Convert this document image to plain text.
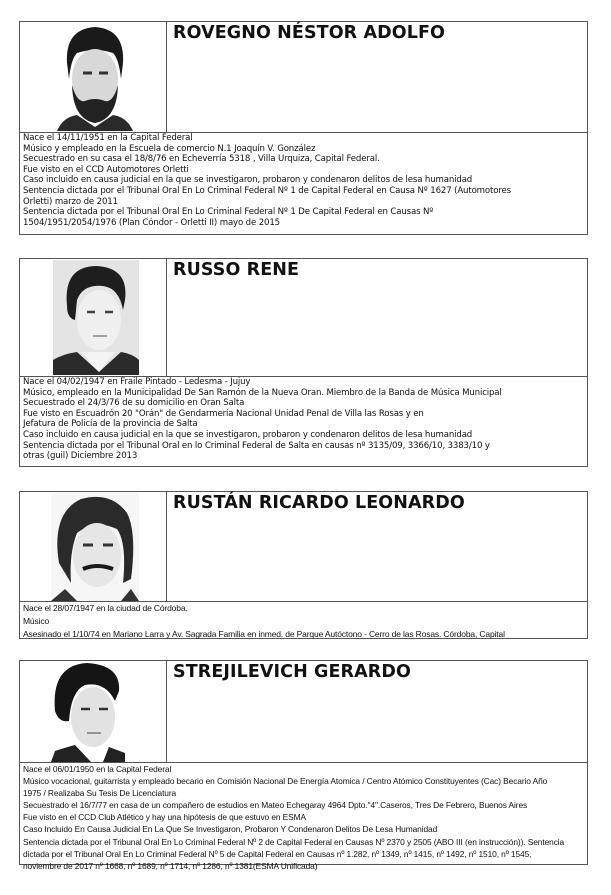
ROVEGNO NÉSTOR ADOLFO
Nace el 14/11/1951 en la Capital Federal
Músico y empleado en la Escuela de comercio N.1 Joaquín V. González
Secuestrado en su casa el 18/8/76 en Echeverría 5318 , Villa Urquiza, Capital Federal.
Fue visto en el CCD Automotores Orletti
Caso incluido en causa judicial en la que se investigaron, probaron y condenaron delitos de lesa humanidad
Sentencia dictada por el Tribunal Oral En Lo Criminal Federal Nº 1 de Capital Federal en Causa Nº 1627 (Automotores
Orletti) marzo de 2011
Sentencia dictada por el Tribunal Oral En Lo Criminal Federal Nº 1 De Capital Federal en Causas Nº
1504/1951/2054/1976 (Plan Cóndor - Orletti II) mayo de 2015
RUSSO RENE
Nace el 04/02/1947 en Fraile Pintado - Ledesma - Jujuy
Músico, empleado en la Municipalidad De San Ramón de la Nueva Oran. Miembro de la Banda de Música Municipal
Secuestrado el 24/3/76 de su domicilio en Oran Salta
Fue visto en Escuadrón 20 "Orán" de Gendarmería Nacional Unidad Penal de Villa las Rosas y en
Jefatura de Policía de la provincia de Salta
Caso incluido en causa judicial en la que se investigaron, probaron y condenaron delitos de lesa humanidad
Sentencia dictada por el Tribunal Oral en lo Criminal Federal de Salta en causas nº 3135/09, 3366/10, 3383/10 y
otras (guil) Diciembre 2013
RUSTÁN RICARDO LEONARDO
Nace el 28/07/1947 en la ciudad de Córdoba.
Músico
Asesinado el 1/10/74 en Mariano Larra y Av. Sagrada Familia en inmed. de Parque Autóctono - Cerro de las Rosas. Córdoba, Capital
STREJILEVICH GERARDO
Nace el 06/01/1950 en la Capital Federal
Músico vocacional, guitarrista y empleado becario en Comisión Nacional De Energía Atomica / Centro Atómico Constituyentes (Cac) Becario Año
1975 / Realizaba Su Tesis De Licenciatura
Secuestrado el 16/7/77 en casa de un compañero de estudios en Mateo Echegaray 4964 Dpto."4".Caseros, Tres De Febrero, Buenos Aires
Fue visto en el CCD Club Atlético y hay una hipótesis de que estuvo en ESMA
Caso Incluido En Causa Judicial En La Que Se Investigaron, Probaron Y Condenaron Delitos De Lesa Humanidad
Sentencia dictada por el Tribunal Oral En Lo Criminal Federal Nº 2 de Capital Federal en Causas Nº 2370 y 2505 (ABO III (en instrucción)). Sentencia
dictada por el Tribunal Oral En Lo Criminal Federal Nº 5 de Capital Federal en Causas nº 1.282, nº 1349, nº 1415, nº 1492, nº 1510, nº 1545,
noviembre de 2017 nº 1668, nº 1689, nº 1714, nº 1286, nº 1381(ESMA Unificada)
